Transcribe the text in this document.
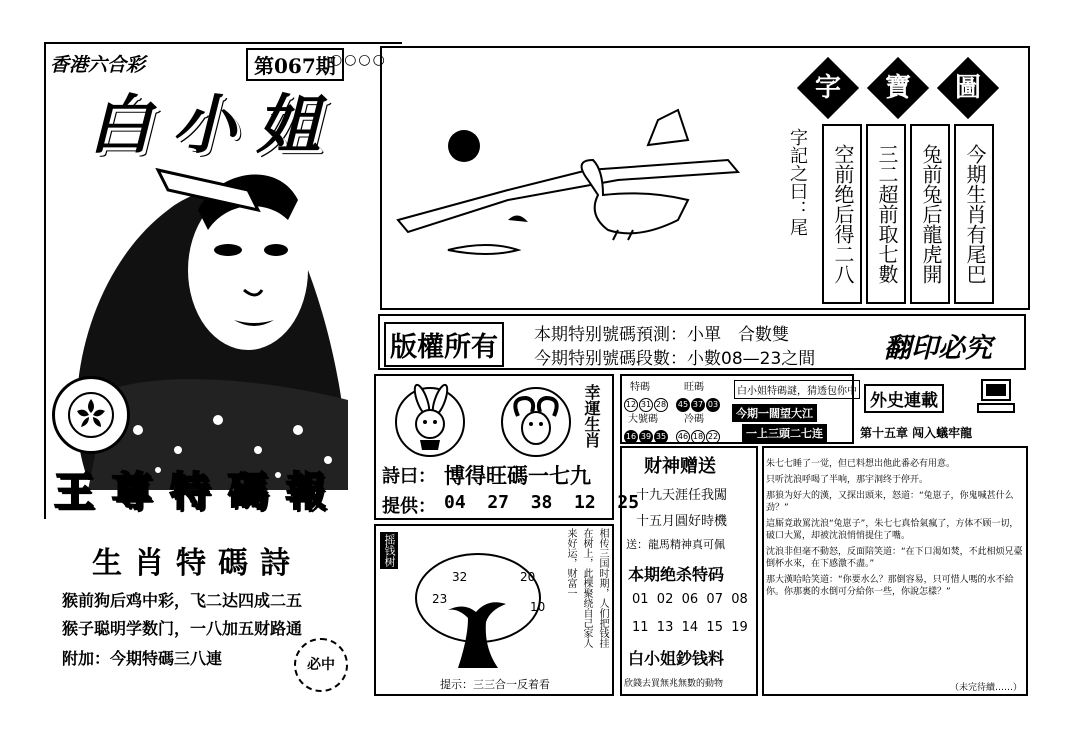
香港六合彩	第067期
○○○○
白小姐
王 尊 特 碼 報
字	寶	圖
今期生肖有尾巴
兔前兔后龍虎開
三二超前取七數
空前绝后得二八
字記之曰：尾
版權所有	本期特别號碼預測：小單　合數雙
今期特别號碼段數：小數08—23之間	翻印必究
幸運生肖
詩曰： 博得旺碼一七九
提供： 04  27  38  12  25
生肖特碼詩
猴前狗后鸡中彩，飞二达四成二五
猴子聪明学数门，一八加五财路通
附加：今期特碼三八連	必中
摇钱树
32	20
23
10	相传三国时期，人们把钱挂
在树上，此棵聚绕自己家人
来好运，财富一
提示：三三合一反着看
特碼
12 31 28
旺碼
45 37 03
大號碼
16 39 35
冷碼
46 18 22
白小姐特碼謎，猜透包你中
今期一闊望大江
一上三頭二七连
财神赠送
十九天涯任我闖
十五月圓好時機
送：龍馬精神真可佩
本期绝杀特码
01  02  06  07  08
11  13  14  15  19
白小姐鈔钱料
欣錢去買無兆無數的動物
外史連載
第十五章 闯入蟻牢龍

朱七七睡了一觉，但已料想出他此番必有用意。

只听沈浪呼喝了半响，那宇洞终于停开。

那狼为好大的漢，又探出頭来，怒道：“兔崽子，你鬼喊甚什么劲？”

這厮竟敢罵沈浪“兔崽子”，朱七七真恰氣瘋了，方体不顾一切，破口大罵，却被沈浪悄悄提住了嘴。

沈浪非但毫不動怒，反面陪笑道：“在下口渴如焚，不此相烦兄臺倒杯水來，在下感激不盡。”

那大漢哈哈笑道：“你要水么？那倒容易，只可惜人嗎的水不給你。你那裏的水倒可分給你一些，你說怎樣？”

（未完待續……）
